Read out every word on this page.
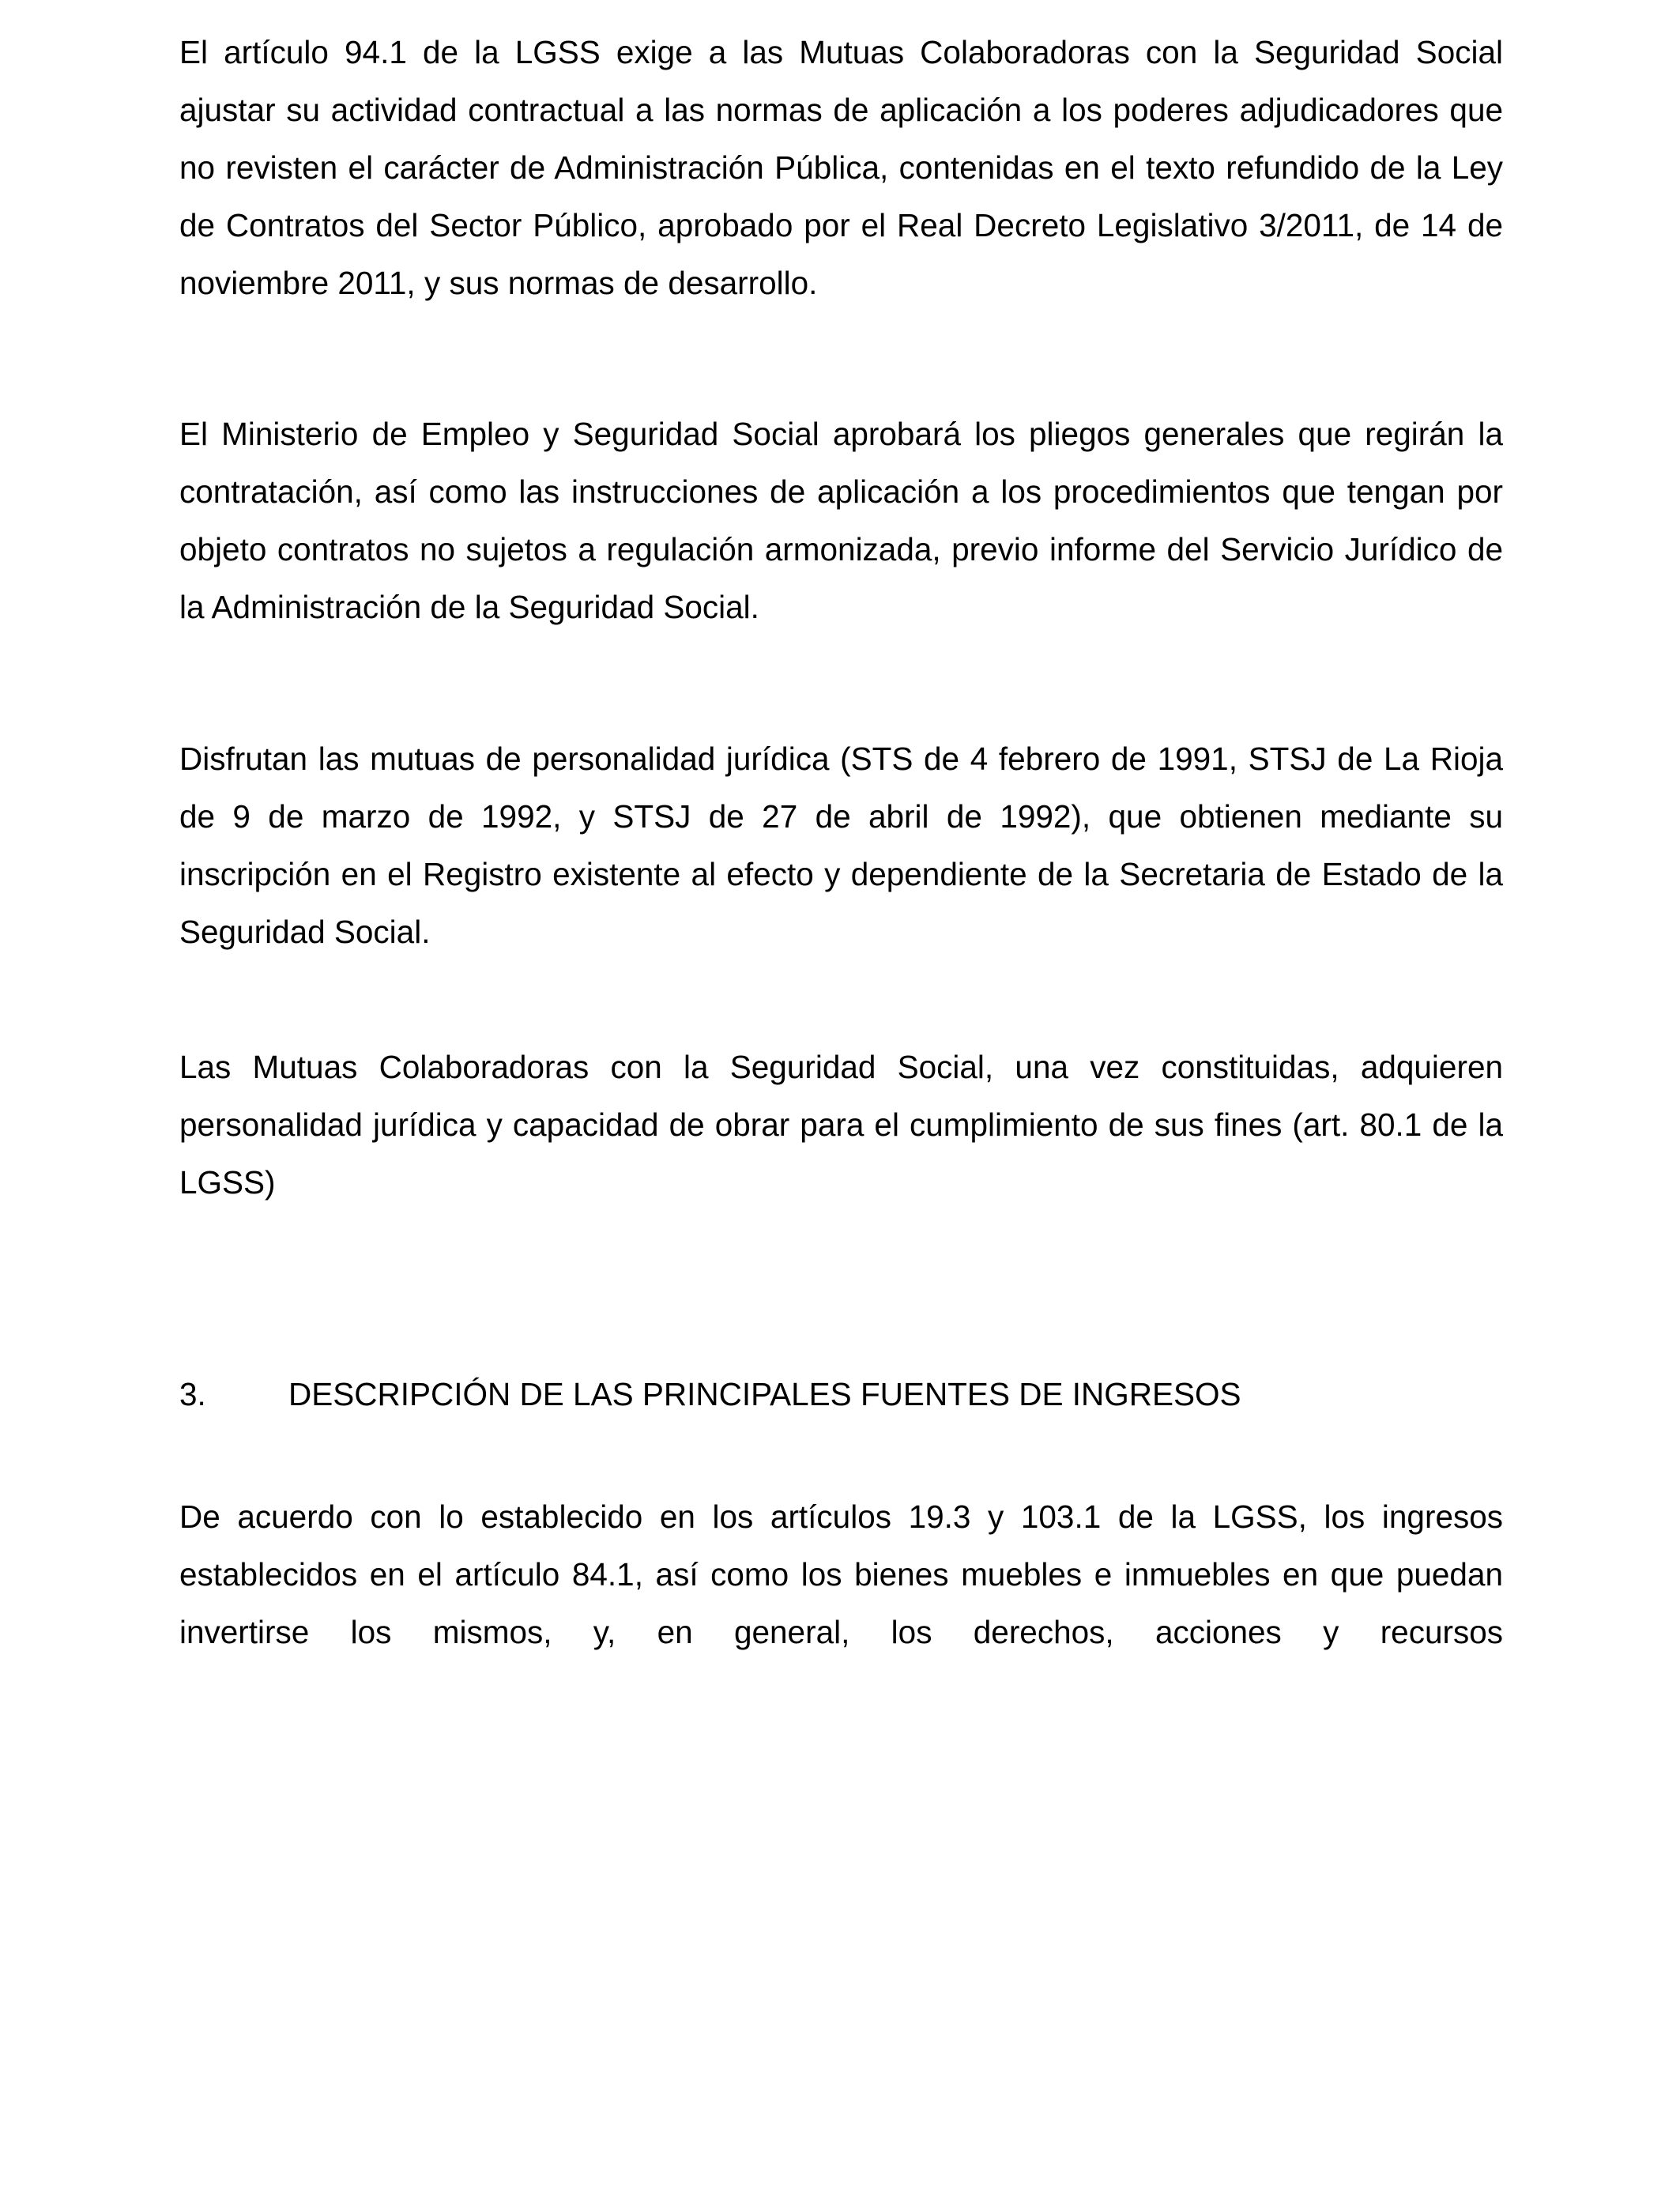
El artículo 94.1 de la LGSS exige a las Mutuas Colaboradoras con la Seguridad Social ajustar su actividad contractual a las normas de aplicación a los poderes adjudicadores que no revisten el carácter de Administración Pública, contenidas en el texto refundido de la Ley de Contratos del Sector Público, aprobado por el Real Decreto Legislativo 3/2011, de 14 de noviembre 2011, y sus normas de desarrollo.

El Ministerio de Empleo y Seguridad Social aprobará los pliegos generales que regirán la contratación, así como las instrucciones de aplicación a los procedimientos que tengan por objeto contratos no sujetos a regulación armonizada, previo informe del Servicio Jurídico de la Administración de la Seguridad Social.

Disfrutan las mutuas de personalidad jurídica (STS de 4 febrero de 1991, STSJ de La Rioja de 9 de marzo de 1992, y STSJ de 27 de abril de 1992), que obtienen mediante su inscripción en el Registro existente al efecto y dependiente de la Secretaria de Estado de la Seguridad Social.

Las Mutuas Colaboradoras con la Seguridad Social, una vez constituidas, adquieren personalidad jurídica y capacidad de obrar para el cumplimiento de sus fines (art. 80.1 de la LGSS)

3.	DESCRIPCIÓN DE LAS PRINCIPALES FUENTES DE INGRESOS

De acuerdo con lo establecido en los artículos 19.3 y 103.1 de la LGSS, los ingresos establecidos en el artículo 84.1, así como los bienes muebles e inmuebles en que puedan invertirse los mismos, y, en general, los derechos, acciones y recursos
